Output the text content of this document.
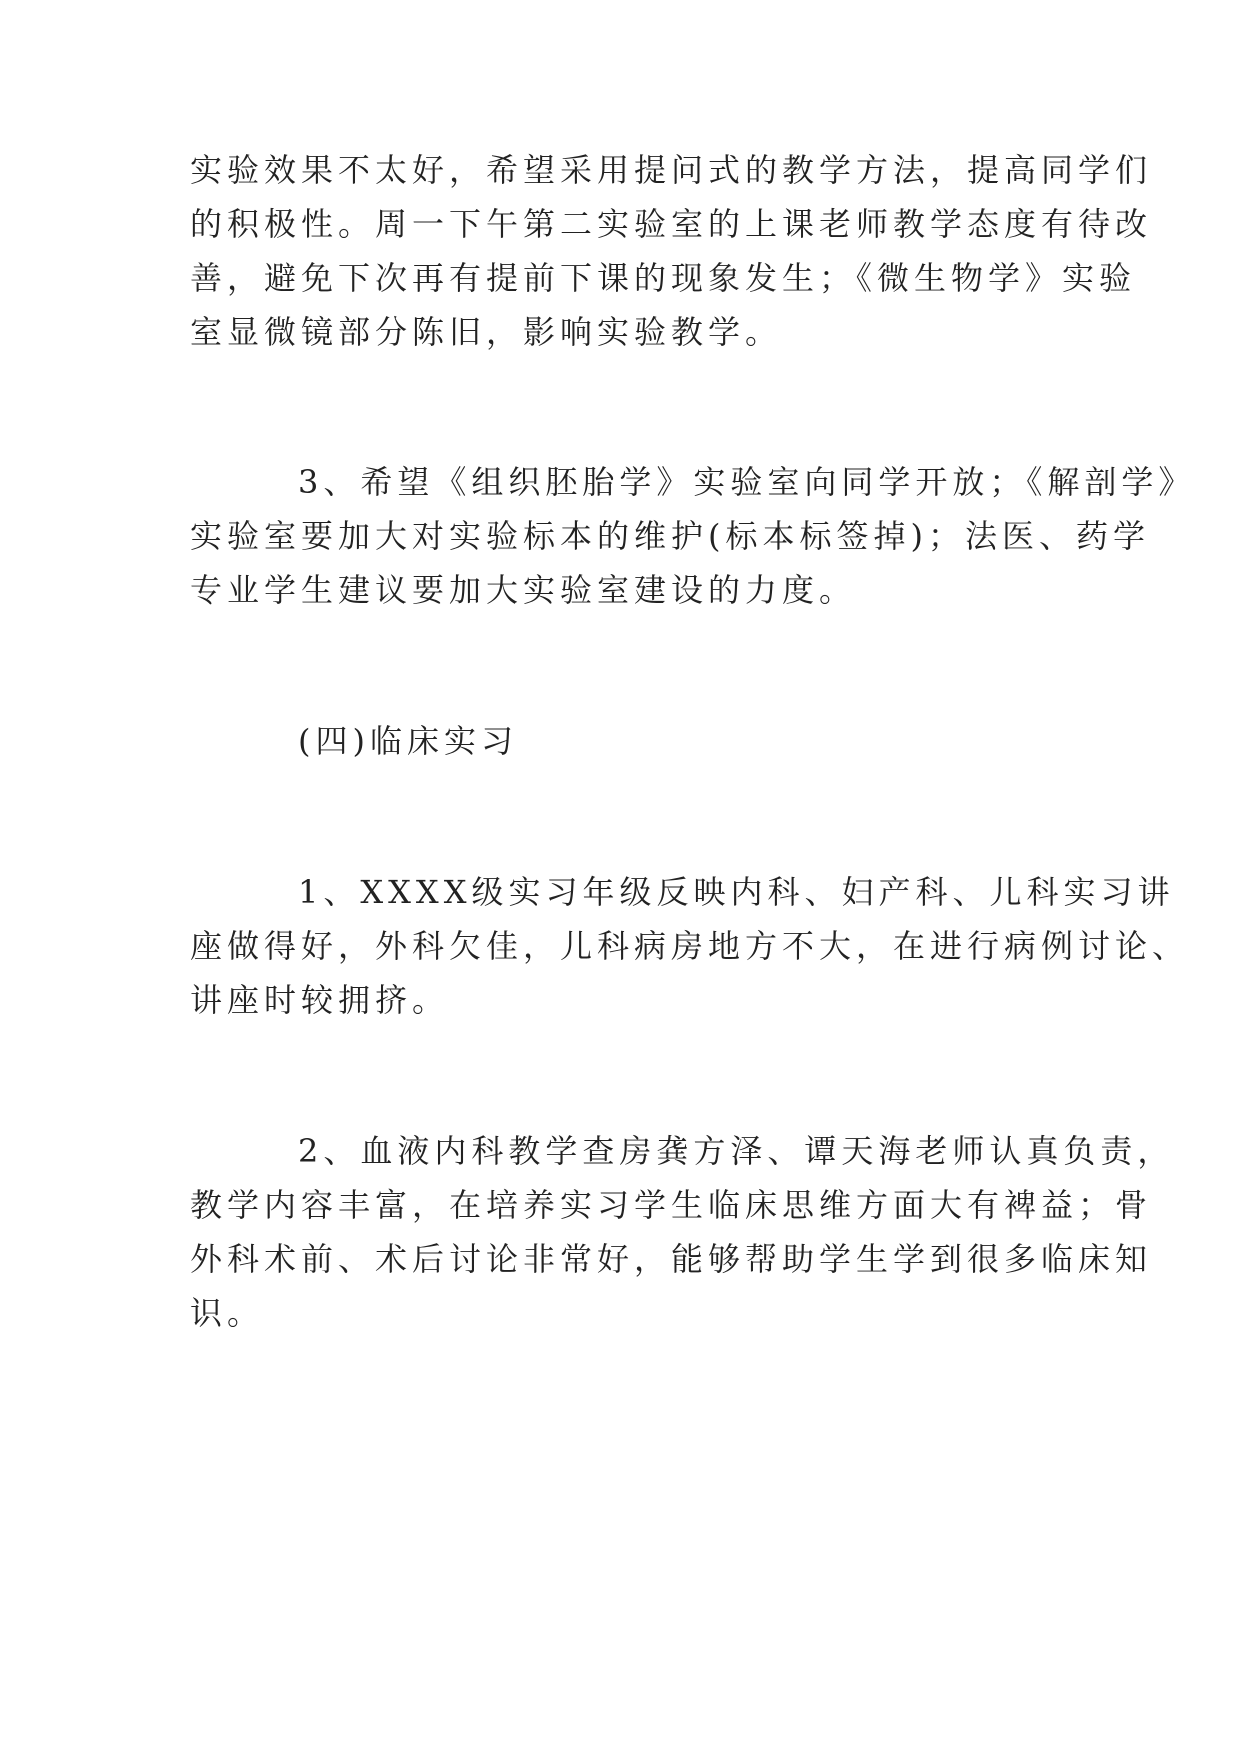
实验效果不太好，希望采用提问式的教学方法，提高同学们
的积极性。周一下午第二实验室的上课老师教学态度有待改
善，避免下次再有提前下课的现象发生；《微生物学》实验
室显微镜部分陈旧，影响实验教学。
3、希望《组织胚胎学》实验室向同学开放；《解剖学》
实验室要加大对实验标本的维护(标本标签掉)；法医、药学
专业学生建议要加大实验室建设的力度。
(四)临床实习
1、XXXX级实习年级反映内科、妇产科、儿科实习讲
座做得好，外科欠佳，儿科病房地方不大，在进行病例讨论、
讲座时较拥挤。
2、血液内科教学查房龚方泽、谭天海老师认真负责，
教学内容丰富，在培养实习学生临床思维方面大有裨益；骨
外科术前、术后讨论非常好，能够帮助学生学到很多临床知
识。
